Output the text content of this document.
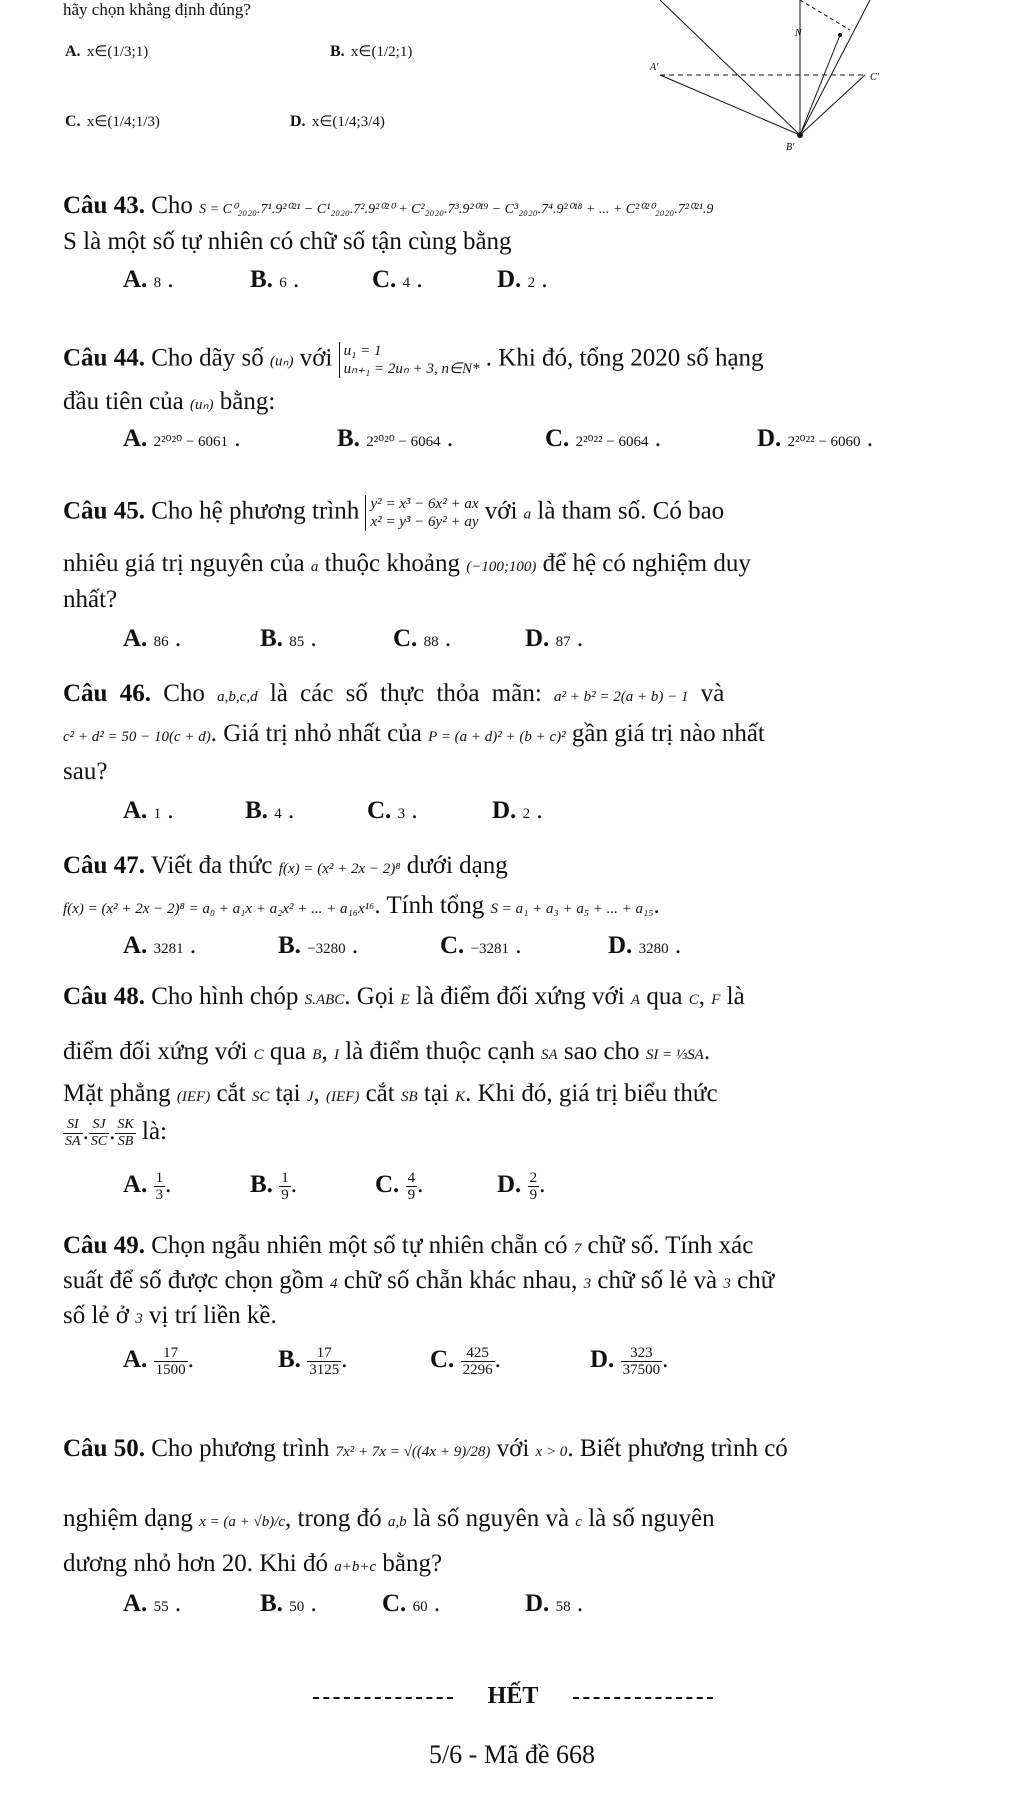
hãy chọn khẳng định đúng?
A. x∈(1/3;1)	B. x∈(1/2;1)
C. x∈(1/4;1/3)	D. x∈(1/4;3/4)
N
A'
C'
B'
Câu 43. Cho S = C⁰₂₀₂₀.7¹.9²⁰²¹ − C¹₂₀₂₀.7².9²⁰²⁰ + C²₂₀₂₀.7³.9²⁰¹⁹ − C³₂₀₂₀.7⁴.9²⁰¹⁸ + ... + C²⁰²⁰₂₀₂₀.7²⁰²¹.9
S là một số tự nhiên có chữ số tận cùng bằng
A. 8 .	B. 6 .	C. 4 .	D. 2 .
Câu 44. Cho dãy số (uₙ) với u₁ = 1
uₙ₊₁ = 2uₙ + 3, n∈N* . Khi đó, tổng 2020 số hạng
đầu tiên của (uₙ) bằng:
A. 2²⁰²⁰ − 6061 .	B. 2²⁰²⁰ − 6064 .	C. 2²⁰²² − 6064 .	D. 2²⁰²² − 6060 .
Câu 45. Cho hệ phương trình y² = x³ − 6x² + ax
x² = y³ − 6y² + ay với a là tham số. Có bao
nhiêu giá trị nguyên của a thuộc khoảng (−100;100) để hệ có nghiệm duy
nhất?
A. 86 .	B. 85 .	C. 88 .	D. 87 .
Câu 46. Cho a,b,c,d là các số thực thỏa mãn: a² + b² = 2(a + b) − 1 và
c² + d² = 50 − 10(c + d). Giá trị nhỏ nhất của P = (a + d)² + (b + c)² gần giá trị nào nhất
sau?
A. 1 .	B. 4 .	C. 3 .	D. 2 .
Câu 47. Viết đa thức f(x) = (x² + 2x − 2)⁸ dưới dạng
f(x) = (x² + 2x − 2)⁸ = a₀ + a₁x + a₂x² + ... + a₁₆x¹⁶. Tính tổng S = a₁ + a₃ + a₅ + ... + a₁₅.
A. 3281 .	B. −3280 .	C. −3281 .	D. 3280 .
Câu 48. Cho hình chóp S.ABC. Gọi E là điểm đối xứng với A qua C, F là
điểm đối xứng với C qua B, I là điểm thuộc cạnh SA sao cho SI = ⅓SA.
Mặt phẳng (IEF) cắt SC tại J, (IEF) cắt SB tại K. Khi đó, giá trị biểu thức
$\frac{SI}{SA}$ . $\frac{SJ}{SC}$ . $\frac{SK}{SB}$ là:
A. $\frac{1}{3}$ .	B. $\frac{1}{9}$ .	C. $\frac{4}{9}$ .	D. $\frac{2}{9}$ .
Câu 49. Chọn ngẫu nhiên một số tự nhiên chẵn có 7 chữ số. Tính xác
suất để số được chọn gồm 4 chữ số chẵn khác nhau, 3 chữ số lẻ và 3 chữ
số lẻ ở 3 vị trí liền kề.
A. $\frac{17}{1500}$ .	B. $\frac{17}{3125}$ .	C. $\frac{425}{2296}$ .	D. $\frac{323}{37500}$ .
Câu 50. Cho phương trình 7x² + 7x = √((4x + 9)/28) với x > 0. Biết phương trình có
nghiệm dạng x = (a + √b)/c, trong đó a,b là số nguyên và c là số nguyên
dương nhỏ hơn 20. Khi đó a+b+c bằng?
A. 55 .	B. 50 .	C. 60 .	D. 58 .
HẾT
5/6 - Mã đề 668
